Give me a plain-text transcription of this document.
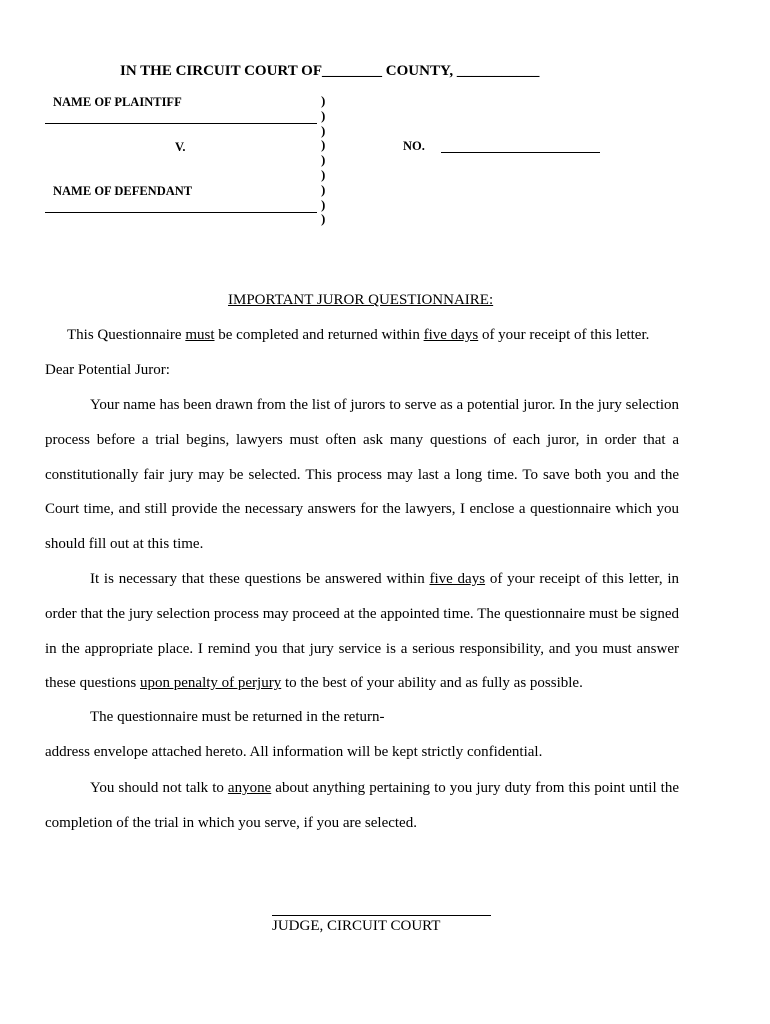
IN THE CIRCUIT COURT OF________ COUNTY, ___________
NAME OF PLAINTIFF
V.
NAME OF DEFENDANT
)
)
)
)
)
)
)
)
)
NO.
IMPORTANT JUROR QUESTIONNAIRE:
This Questionnaire must be completed and returned within five days of your receipt of this letter.
Dear Potential Juror:
Your name has been drawn from the list of jurors to serve as a potential juror. In the jury selection process before a trial begins, lawyers must often ask many questions of each juror, in order that a constitutionally fair jury may be selected. This process may last a long time. To save both you and the Court time, and still provide the necessary answers for the lawyers, I enclose a questionnaire which you should fill out at this time.
It is necessary that these questions be answered within five days of your receipt of this letter, in order that the jury selection process may proceed at the appointed time. The questionnaire must be signed in the appropriate place. I remind you that jury service is a serious responsibility, and you must answer these questions upon penalty of perjury to the best of your ability and as fully as possible.
The questionnaire must be returned in the return-
address envelope attached hereto. All information will be kept strictly confidential.
You should not talk to anyone about anything pertaining to you jury duty from this point until the completion of the trial in which you serve, if you are selected.
JUDGE, CIRCUIT COURT
